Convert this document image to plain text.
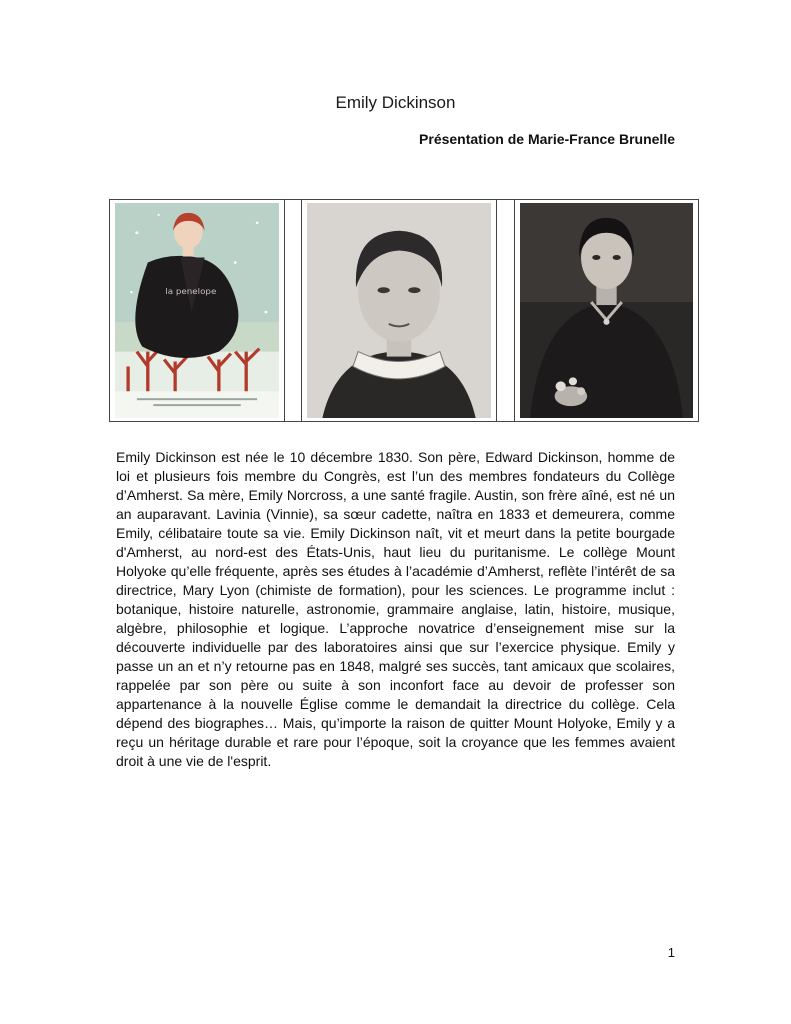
Emily Dickinson
Présentation de Marie-France Brunelle
la penelope

Emily Dickinson est née le 10 décembre 1830. Son père, Edward Dickinson, homme de loi et plusieurs fois membre du Congrès, est l’un des membres fondateurs du Collège d’Amherst. Sa mère, Emily Norcross, a une santé fragile. Austin, son frère aîné, est né un an auparavant. Lavinia (Vinnie), sa sœur cadette, naîtra en 1833 et demeurera, comme Emily, célibataire toute sa vie. Emily Dickinson naît, vit et meurt dans la petite bourgade d'Amherst, au nord-est des États-Unis, haut lieu du puritanisme. Le collège Mount Holyoke qu’elle fréquente, après ses études à l’académie d’Amherst, reflète l’intérêt de sa directrice, Mary Lyon (chimiste de formation), pour les sciences. Le programme inclut : botanique, histoire naturelle, astronomie, grammaire anglaise, latin, histoire, musique, algèbre, philosophie et logique. L’approche novatrice d’enseignement mise sur la découverte individuelle par des laboratoires ainsi que sur l’exercice physique. Emily y passe un an et n’y retourne pas en 1848, malgré ses succès, tant amicaux que scolaires, rappelée par son père ou suite à son inconfort face au devoir de professer son appartenance à la nouvelle Église comme le demandait la directrice du collège. Cela dépend des biographes… Mais, qu’importe la raison de quitter Mount Holyoke, Emily y a reçu un héritage durable et rare pour l’époque, soit la croyance que les femmes avaient droit à une vie de l'esprit.

1
